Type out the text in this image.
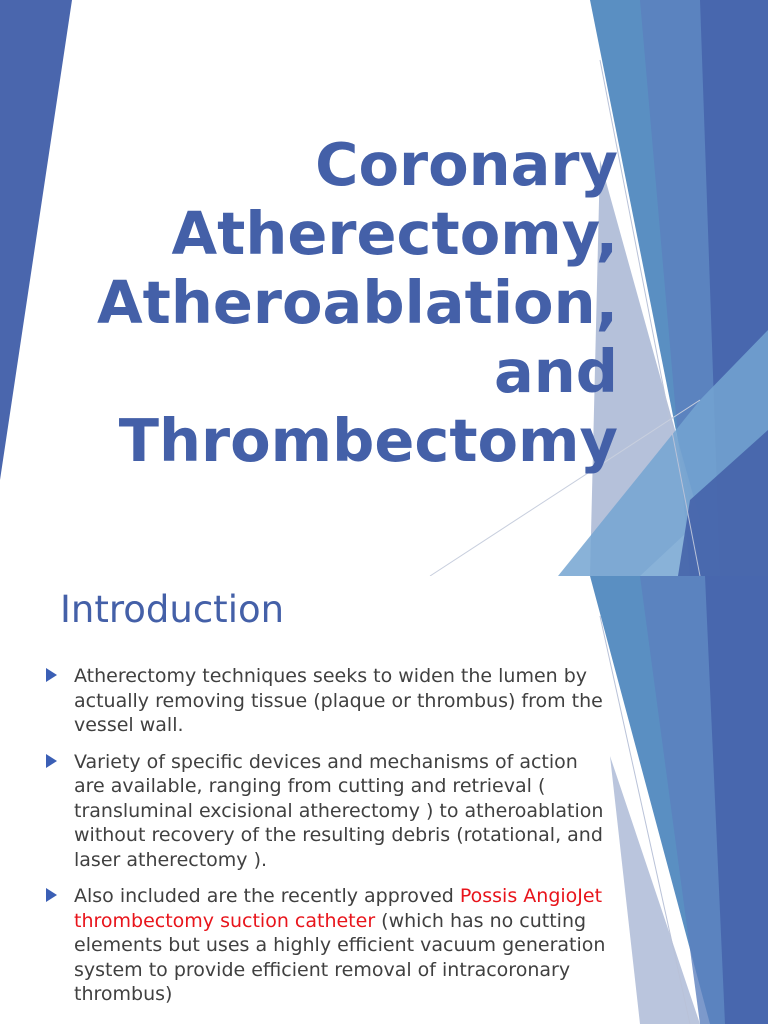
Coronary
Atherectomy,
Atheroablation,
and
Thrombectomy
Introduction
Atherectomy techniques seeks to widen the lumen by actually removing tissue (plaque or thrombus) from the vessel wall.
Variety of specific devices and mechanisms of action are available, ranging from cutting and retrieval ( transluminal excisional atherectomy ) to atheroablation without recovery of the resulting debris (rotational, and laser atherectomy ).
Also included are the recently approved Possis AngioJet thrombectomy suction catheter (which has no cutting elements but uses a highly efficient vacuum generation system to provide efficient removal of intracoronary thrombus)
